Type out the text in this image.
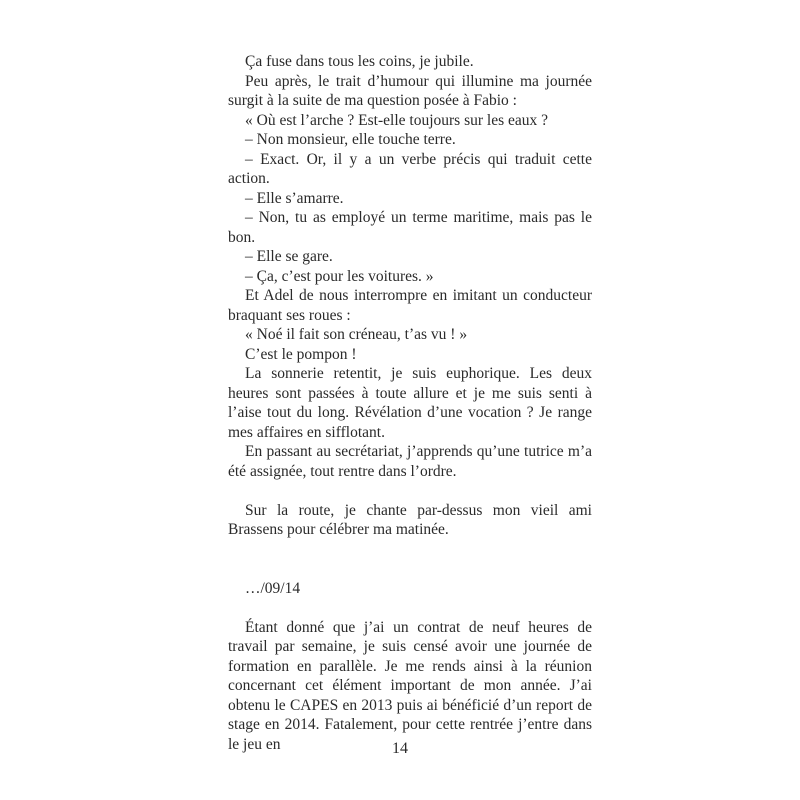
Ça fuse dans tous les coins, je jubile.

Peu après, le trait d’humour qui illumine ma journée surgit à la suite de ma question posée à Fabio :

« Où est l’arche ? Est-elle toujours sur les eaux ?

– Non monsieur, elle touche terre.

– Exact. Or, il y a un verbe précis qui traduit cette action.

– Elle s’amarre.

– Non, tu as employé un terme maritime, mais pas le bon.

– Elle se gare.

– Ça, c’est pour les voitures. »

Et Adel de nous interrompre en imitant un conducteur braquant ses roues :

« Noé il fait son créneau, t’as vu ! »

C’est le pompon !

La sonnerie retentit, je suis euphorique. Les deux heures sont passées à toute allure et je me suis senti à l’aise tout du long. Révélation d’une vocation ? Je range mes affaires en sifflotant.

En passant au secrétariat, j’apprends qu’une tutrice m’a été assignée, tout rentre dans l’ordre.

Sur la route, je chante par-dessus mon vieil ami Brassens pour célébrer ma matinée.

…/09/14

Étant donné que j’ai un contrat de neuf heures de travail par semaine, je suis censé avoir une journée de formation en parallèle. Je me rends ainsi à la réunion concernant cet élément important de mon année. J’ai obtenu le CAPES en 2013 puis ai bénéficié d’un report de stage en 2014. Fatalement, pour cette rentrée j’entre dans le jeu en	14
